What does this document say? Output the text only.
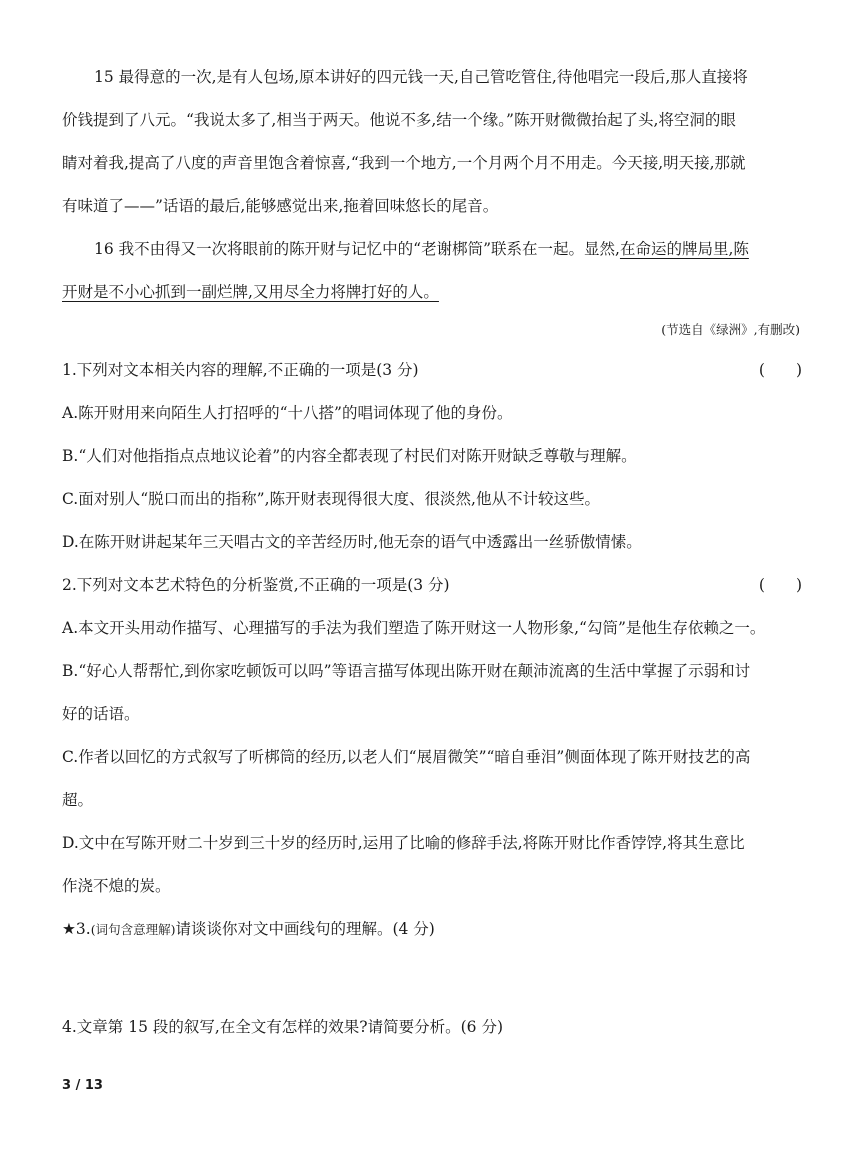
15 最得意的一次,是有人包场,原本讲好的四元钱一天,自己管吃管住,待他唱完一段后,那人直接将
价钱提到了八元。“我说太多了,相当于两天。他说不多,结一个缘。”陈开财微微抬起了头,将空洞的眼
睛对着我,提高了八度的声音里饱含着惊喜,“我到一个地方,一个月两个月不用走。今天接,明天接,那就
有味道了——”话语的最后,能够感觉出来,拖着回味悠长的尾音。
16 我不由得又一次将眼前的陈开财与记忆中的“老谢梆筒”联系在一起。显然,在命运的牌局里,陈
开财是不小心抓到一副烂牌,又用尽全力将牌打好的人。
(节选自《绿洲》,有删改)
1.下列对文本相关内容的理解,不正确的一项是(3 分)	(　　)
A.陈开财用来向陌生人打招呼的“十八搭”的唱词体现了他的身份。
B.“人们对他指指点点地议论着”的内容全都表现了村民们对陈开财缺乏尊敬与理解。
C.面对别人“脱口而出的指称”,陈开财表现得很大度、很淡然,他从不计较这些。
D.在陈开财讲起某年三天唱古文的辛苦经历时,他无奈的语气中透露出一丝骄傲情愫。
2.下列对文本艺术特色的分析鉴赏,不正确的一项是(3 分)	(　　)
A.本文开头用动作描写、心理描写的手法为我们塑造了陈开财这一人物形象,“勾筒”是他生存依赖之一。
B.“好心人帮帮忙,到你家吃顿饭可以吗”等语言描写体现出陈开财在颠沛流离的生活中掌握了示弱和讨
好的话语。
C.作者以回忆的方式叙写了听梆筒的经历,以老人们“展眉微笑”“暗自垂泪”侧面体现了陈开财技艺的高
超。
D.文中在写陈开财二十岁到三十岁的经历时,运用了比喻的修辞手法,将陈开财比作香饽饽,将其生意比
作浇不熄的炭。
★3.(词句含意理解)请谈谈你对文中画线句的理解。(4 分)
4.文章第 15 段的叙写,在全文有怎样的效果?请简要分析。(6 分)
3 / 13
